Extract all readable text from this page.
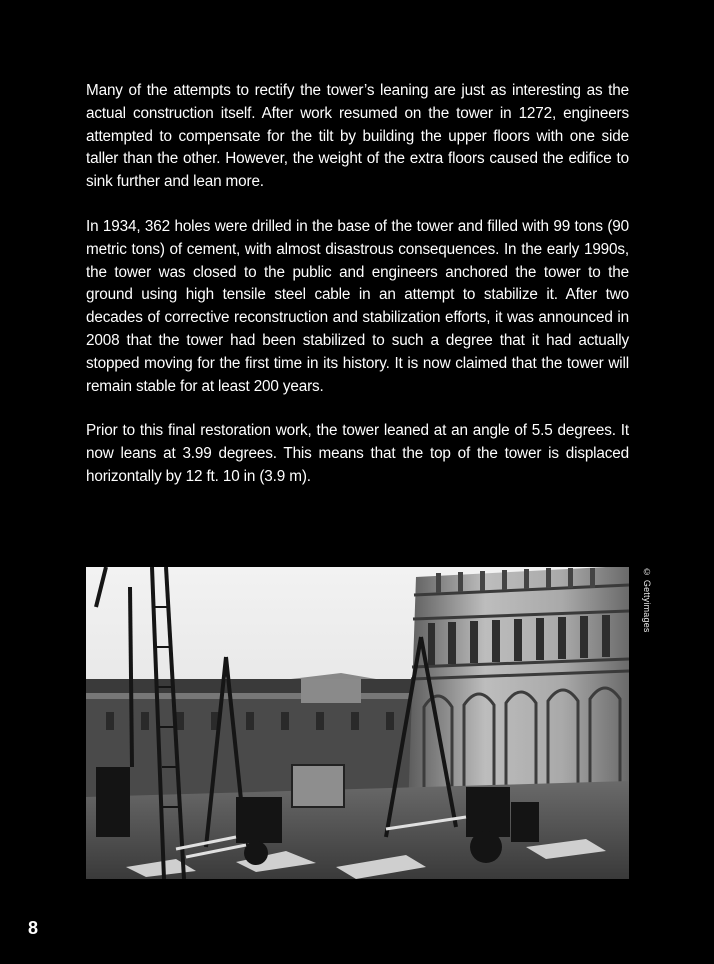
Many of the attempts to rectify the tower’s leaning are just as interesting as the actual construction itself. After work resumed on the tower in 1272, engineers attempted to compensate for the tilt by building the upper floors with one side taller than the other. However, the weight of the extra floors caused the edifice to sink further and lean more.

In 1934, 362 holes were drilled in the base of the tower and filled with 99 tons (90 metric tons) of cement, with almost disastrous consequences. In the early 1990s, the tower was closed to the public and engineers anchored the tower to the ground using high tensile steel cable in an attempt to stabilize it. After two decades of corrective reconstruction and stabilization efforts, it was announced in 2008 that the tower had been stabilized to such a degree that it had actually stopped moving for the first time in its history. It is now claimed that the tower will remain stable for at least 200 years.

Prior to this final restoration work, the tower leaned at an angle of 5.5 degrees. It now leans at 3.99 degrees. This means that the top of the tower is displaced horizontally by 12 ft. 10 in (3.9 m).

© Gettyimages
8
